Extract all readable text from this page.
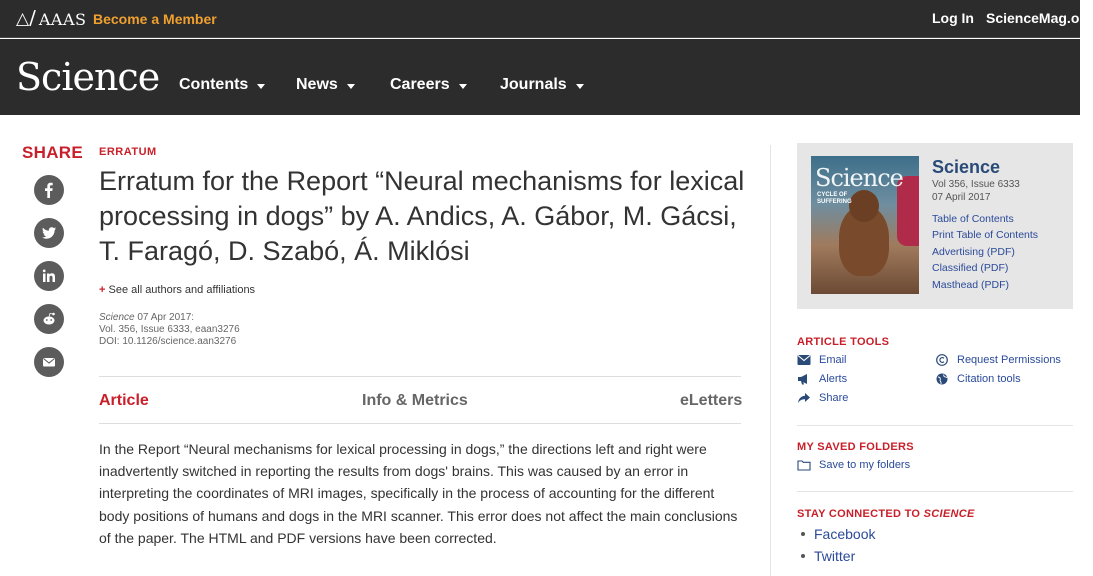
△⧸ AAAS Become a Member	Log In ScienceMag.org
Science Contents	News	Careers	Journals
SHARE ERRATUM
Erratum for the Report “Neural mechanisms for lexical processing in dogs” by A. Andics, A. Gábor, M. Gácsi, T. Faragó, D. Szabó, Á. Miklósi
+ See all authors and affiliations
Science 07 Apr 2017:
Vol. 356, Issue 6333, eaan3276
DOI: 10.1126/science.aan3276
Article	Info & Metrics	eLetters

In the Report “Neural mechanisms for lexical processing in dogs,” the directions left and right were inadvertently switched in reporting the results from dogs' brains. This was caused by an error in interpreting the coordinates of MRI images, specifically in the process of accounting for the different body positions of humans and dogs in the MRI scanner. This error does not affect the main conclusions of the paper. The HTML and PDF versions have been corrected.

Science
CYCLE OF
SUFFERING
Science
Vol 356, Issue 6333
07 April 2017
Table of Contents
Print Table of Contents
Advertising (PDF)
Classified (PDF)
Masthead (PDF)
ARTICLE TOOLS
Email
Alerts
Share
Request Permissions
Citation tools
MY SAVED FOLDERS
Save to my folders
STAY CONNECTED TO SCIENCE
Facebook
Twitter
